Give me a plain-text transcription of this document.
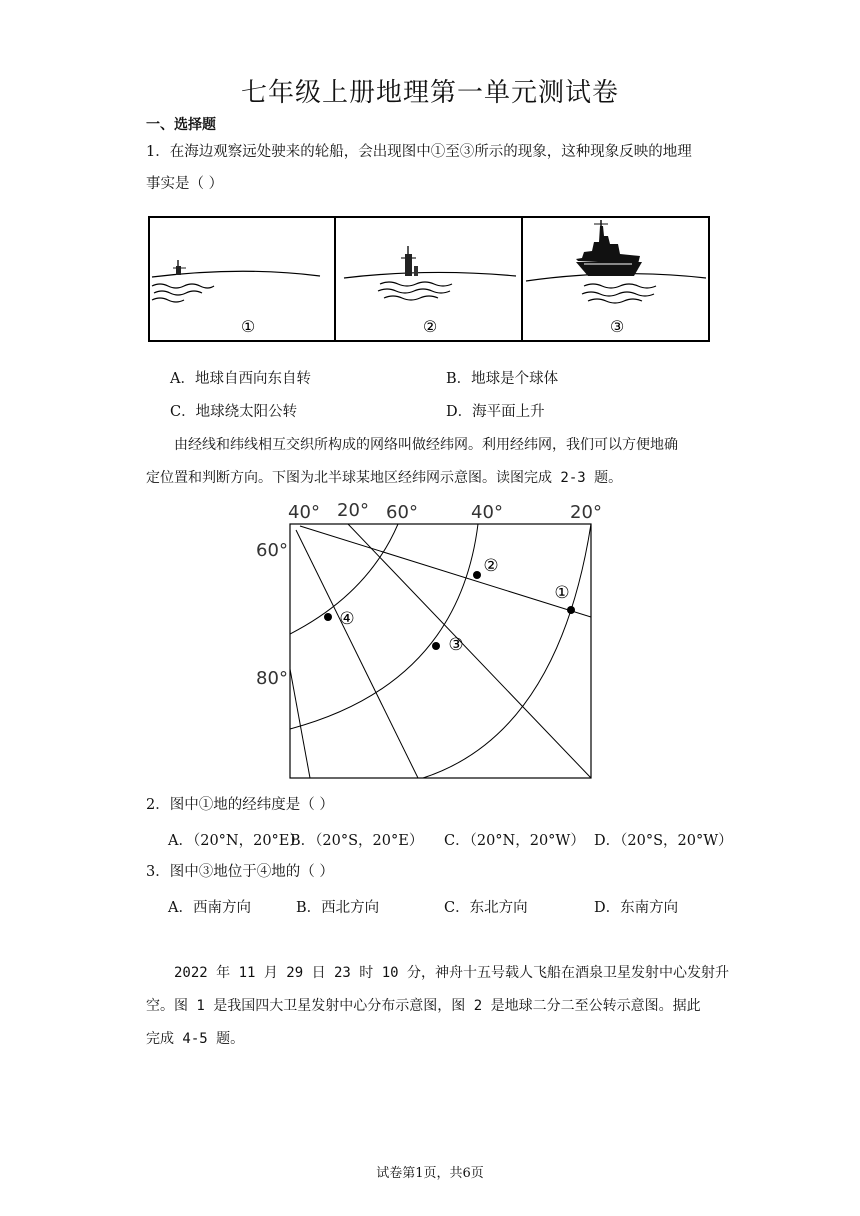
七年级上册地理第一单元测试卷
一、选择题
1．在海边观察远处驶来的轮船，会出现图中①至③所示的现象，这种现象反映的地理
事实是（ ）
①	②	③
A．地球自西向东自转	B．地球是个球体
C．地球绕太阳公转	D．海平面上升
由经线和纬线相互交织所构成的网络叫做经纬网。利用经纬网，我们可以方便地确
定位置和判断方向。下图为北半球某地区经纬网示意图。读图完成 2-3 题。
40° 20° 60°	40°	20°
60°
80°
①
②
③
④
2．图中①地的经纬度是（ ）
A．（20°N，20°E）
B．（20°S，20°E） C．（20°N，20°W） D．（20°S，20°W）
3．图中③地位于④地的（ ）
A．西南方向	B．西北方向	C．东北方向	D．东南方向
2022 年 11 月 29 日 23 时 10 分，神舟十五号载人飞船在酒泉卫星发射中心发射升
空。图 1 是我国四大卫星发射中心分布示意图，图 2 是地球二分二至公转示意图。据此
完成 4-5 题。
试卷第1页，共6页
